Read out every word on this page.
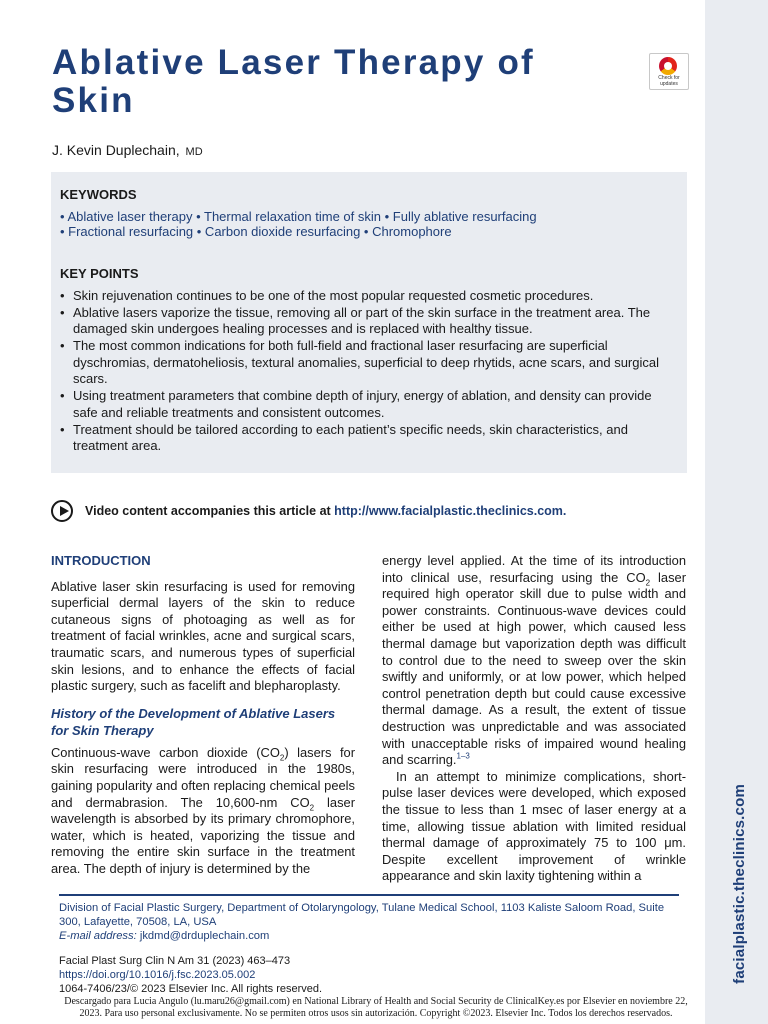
facialplastic.theclinics.com
Ablative Laser Therapy of Skin
Check for
updates
J. Kevin Duplechain, MD
KEYWORDS
• Ablative laser therapy • Thermal relaxation time of skin • Fully ablative resurfacing
• Fractional resurfacing • Carbon dioxide resurfacing • Chromophore
KEY POINTS
• Skin rejuvenation continues to be one of the most popular requested cosmetic procedures.
• Ablative lasers vaporize the tissue, removing all or part of the skin surface in the treatment area. The damaged skin undergoes healing processes and is replaced with healthy tissue.
• The most common indications for both full-field and fractional laser resurfacing are superficial dyschromias, dermatoheliosis, textural anomalies, superficial to deep rhytids, acne scars, and surgical scars.
• Using treatment parameters that combine depth of injury, energy of ablation, and density can provide safe and reliable treatments and consistent outcomes.
• Treatment should be tailored according to each patient’s specific needs, skin characteristics, and treatment area.
Video content accompanies this article at http://www.facialplastic.theclinics.com.
INTRODUCTION

Ablative laser skin resurfacing is used for removing superficial dermal layers of the skin to reduce cutaneous signs of photoaging as well as for treatment of facial wrinkles, acne and surgical scars, traumatic scars, and numerous types of superficial skin lesions, and to enhance the effects of facial plastic surgery, such as facelift and blepharoplasty.

History of the Development of Ablative Lasers for Skin Therapy

Continuous-wave carbon dioxide $(CO_2)$ lasers for skin resurfacing were introduced in the 1980s, gaining popularity and often replacing chemical peels and dermabrasion. The 10,600-nm $CO_2$ laser wavelength is absorbed by its primary chromophore, water, which is heated, vaporizing the tissue and removing the entire skin surface in the treatment area. The depth of injury is determined by the

energy level applied. At the time of its introduction into clinical use, resurfacing using the $CO_2$ laser required high operator skill due to pulse width and power constraints. Continuous-wave devices could either be used at high power, which caused less thermal damage but vaporization depth was difficult to control due to the need to sweep over the skin swiftly and uniformly, or at low power, which helped control penetration depth but could cause excessive thermal damage. As a result, the extent of tissue destruction was unpredictable and was associated with unacceptable risks of impaired wound healing and scarring.$^{1-3}$

In an attempt to minimize complications, short-pulse laser devices were developed, which exposed the tissue to less than 1 msec of laser energy at a time, allowing tissue ablation with limited residual thermal damage of approximately 75 to 100 μm. Despite excellent improvement of wrinkle appearance and skin laxity tightening within a

Division of Facial Plastic Surgery, Department of Otolaryngology, Tulane Medical School, 1103 Kaliste Saloom Road, Suite 300, Lafayette, 70508, LA, USA
E-mail address: jkdmd@drduplechain.com
Facial Plast Surg Clin N Am 31 (2023) 463–473
https://doi.org/10.1016/j.fsc.2023.05.002
1064-7406/23/© 2023 Elsevier Inc. All rights reserved.
Descargado para Lucia Angulo (lu.maru26@gmail.com) en National Library of Health and Social Security de ClinicalKey.es por Elsevier en noviembre 22,
2023. Para uso personal exclusivamente. No se permiten otros usos sin autorización. Copyright ©2023. Elsevier Inc. Todos los derechos reservados.
